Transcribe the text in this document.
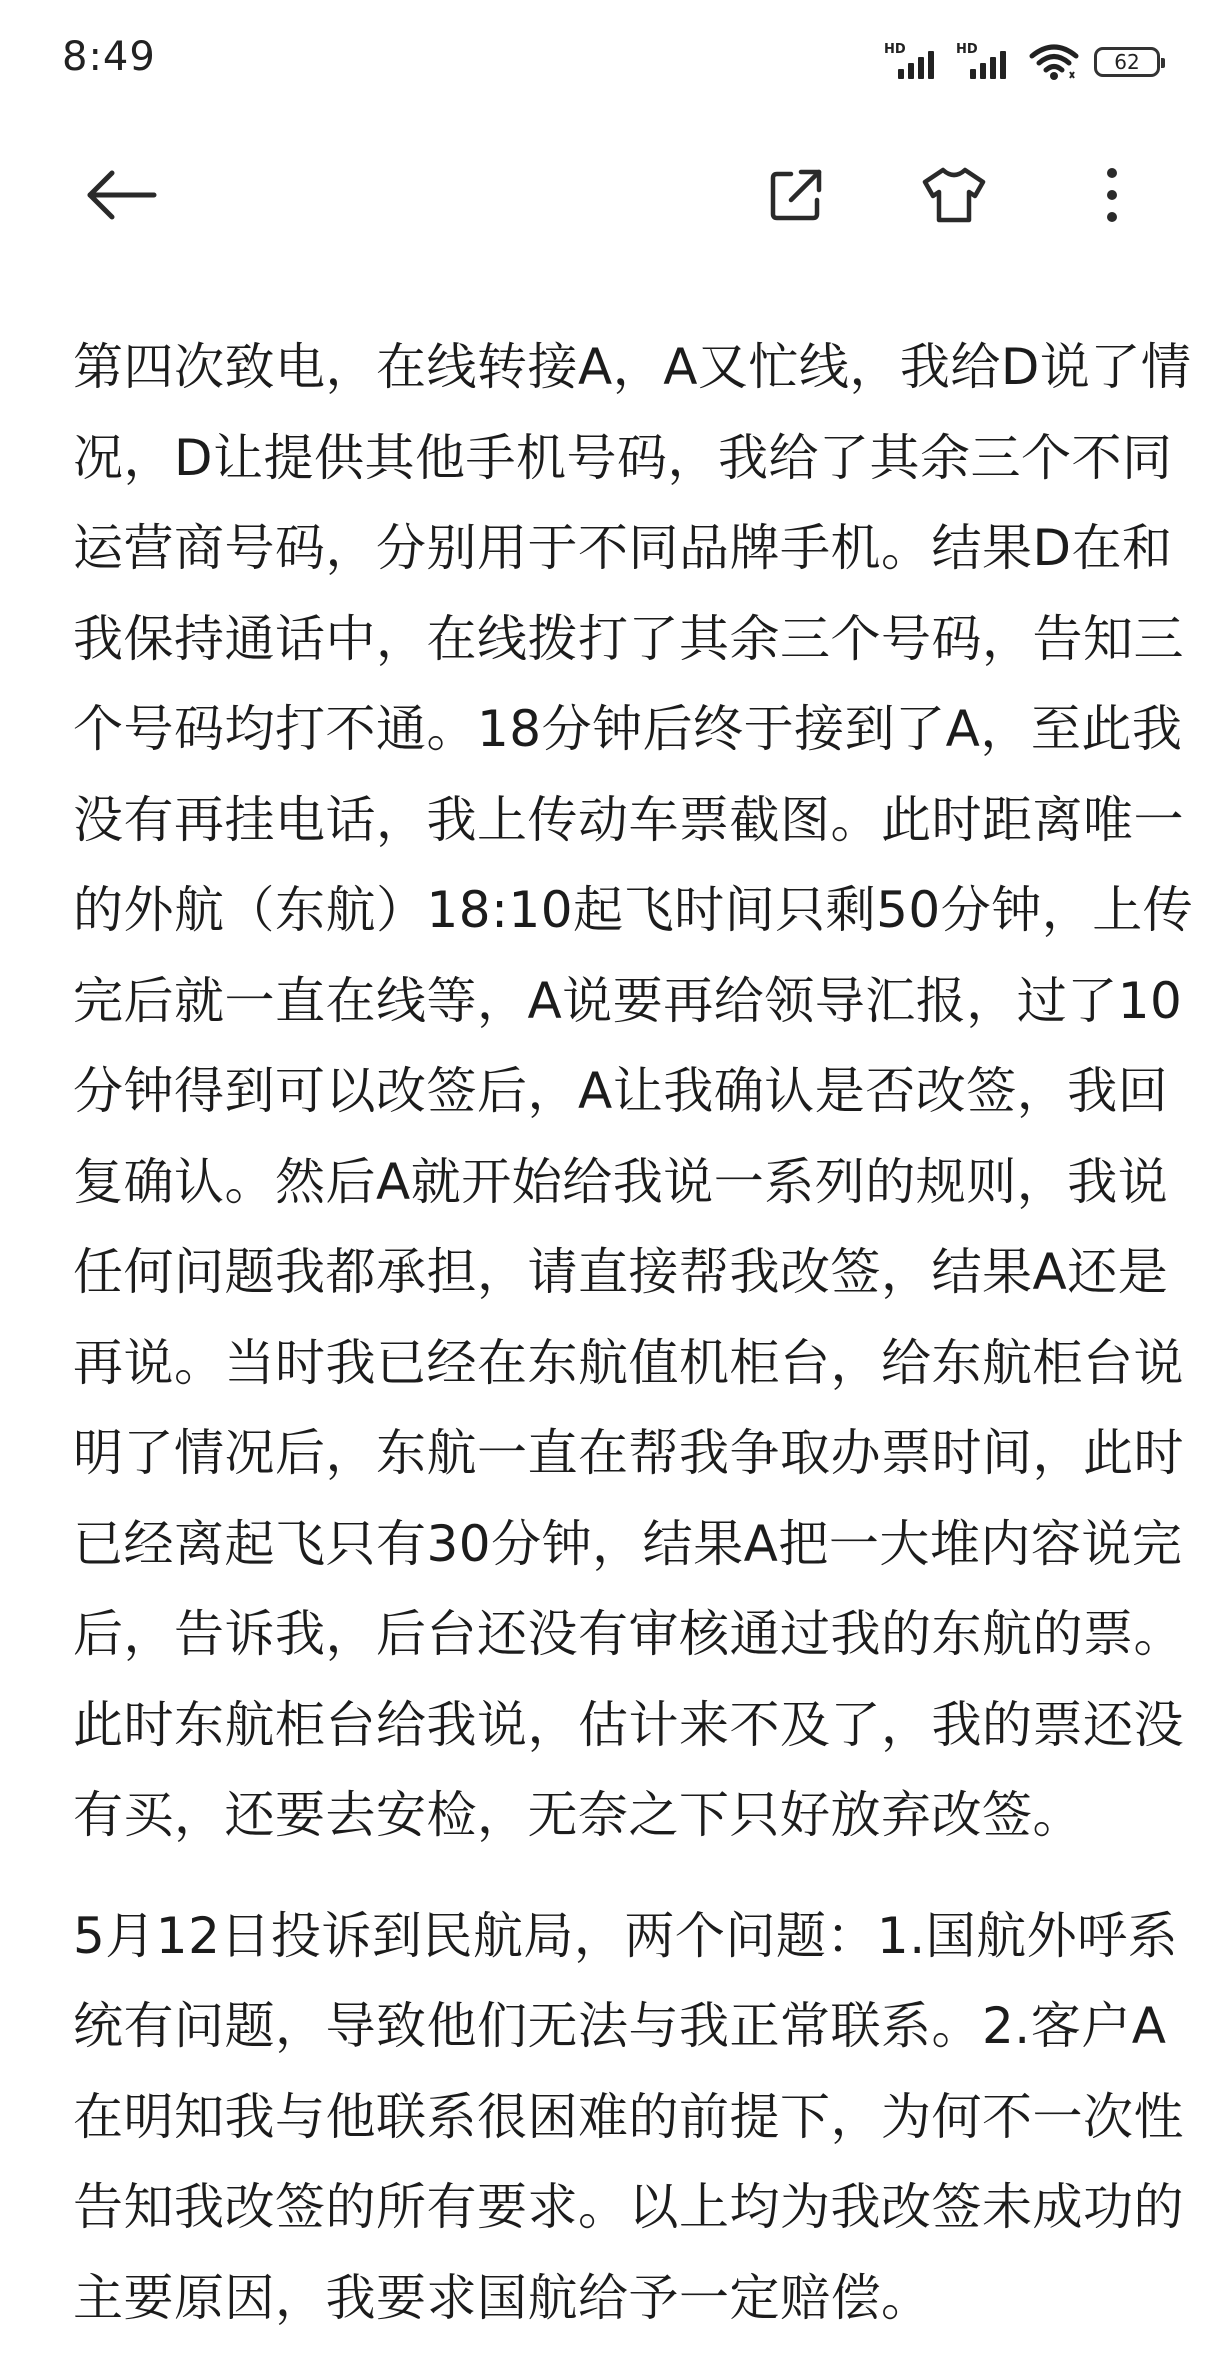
8:49	HD	HD
62

第四次致电，在线转接A，A又忙线，我给D说了情
况，D让提供其他手机号码，我给了其余三个不同
运营商号码，分别用于不同品牌手机。结果D在和
我保持通话中，在线拨打了其余三个号码，告知三
个号码均打不通。18分钟后终于接到了A，至此我
没有再挂电话，我上传动车票截图。此时距离唯一
的外航（东航）18:10起飞时间只剩50分钟，上传
完后就一直在线等，A说要再给领导汇报，过了10
分钟得到可以改签后，A让我确认是否改签，我回
复确认。然后A就开始给我说一系列的规则，我说
任何问题我都承担，请直接帮我改签，结果A还是
再说。当时我已经在东航值机柜台，给东航柜台说
明了情况后，东航一直在帮我争取办票时间，此时
已经离起飞只有30分钟，结果A把一大堆内容说完
后，告诉我，后台还没有审核通过我的东航的票。
此时东航柜台给我说，估计来不及了，我的票还没
有买，还要去安检，无奈之下只好放弃改签。

5月12日投诉到民航局，两个问题：1.国航外呼系
统有问题，导致他们无法与我正常联系。2.客户A
在明知我与他联系很困难的前提下，为何不一次性
告知我改签的所有要求。以上均为我改签未成功的
主要原因，我要求国航给予一定赔偿。
